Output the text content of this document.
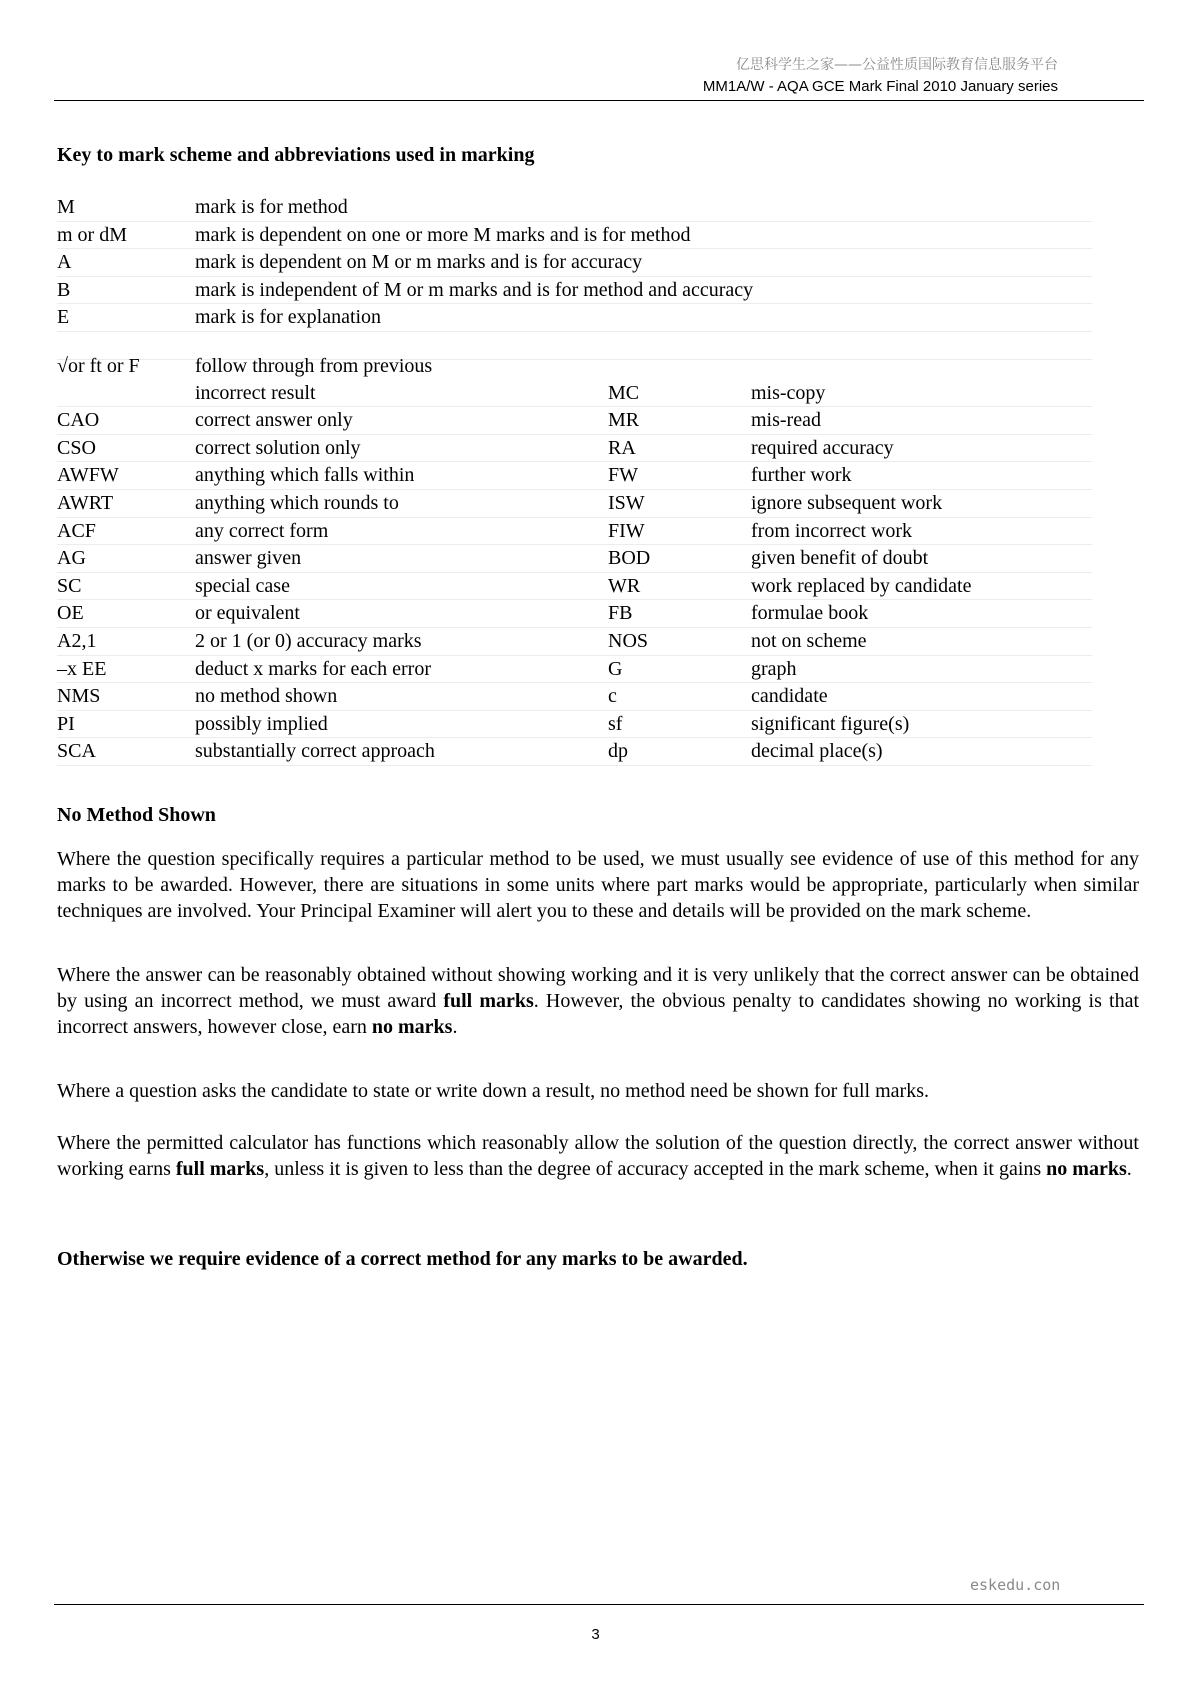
亿思科学生之家——公益性质国际教育信息服务平台
MM1A/W - AQA GCE Mark Final 2010 January series
Key to mark scheme and abbreviations used in marking
M	mark is for method
m or dM	mark is dependent on one or more M marks and is for method
A	mark is dependent on M or m marks and is for accuracy
B	mark is independent of M or m marks and is for method and accuracy
E	mark is for explanation
√or ft or F	follow through from previous
incorrect result	MC	mis-copy
CAO	correct answer only	MR	mis-read
CSO	correct solution only	RA	required accuracy
AWFW	anything which falls within	FW	further work
AWRT	anything which rounds to	ISW	ignore subsequent work
ACF	any correct form	FIW	from incorrect work
AG	answer given	BOD	given benefit of doubt
SC	special case	WR	work replaced by candidate
OE	or equivalent	FB	formulae book
A2,1	2 or 1 (or 0) accuracy marks	NOS	not on scheme
–x EE	deduct x marks for each error	G	graph
NMS	no method shown	c	candidate
PI	possibly implied	sf	significant figure(s)
SCA	substantially correct approach	dp	decimal place(s)
No Method Shown

Where the question specifically requires a particular method to be used, we must usually see evidence of use of this method for any marks to be awarded. However, there are situations in some units where part marks would be appropriate, particularly when similar techniques are involved. Your Principal Examiner will alert you to these and details will be provided on the mark scheme.

Where the answer can be reasonably obtained without showing working and it is very unlikely that the correct answer can be obtained by using an incorrect method, we must award full marks. However, the obvious penalty to candidates showing no working is that incorrect answers, however close, earn no marks.

Where a question asks the candidate to state or write down a result, no method need be shown for full marks.

Where the permitted calculator has functions which reasonably allow the solution of the question directly, the correct answer without working earns full marks, unless it is given to less than the degree of accuracy accepted in the mark scheme, when it gains no marks.

Otherwise we require evidence of a correct method for any marks to be awarded.

eskedu.con
3
